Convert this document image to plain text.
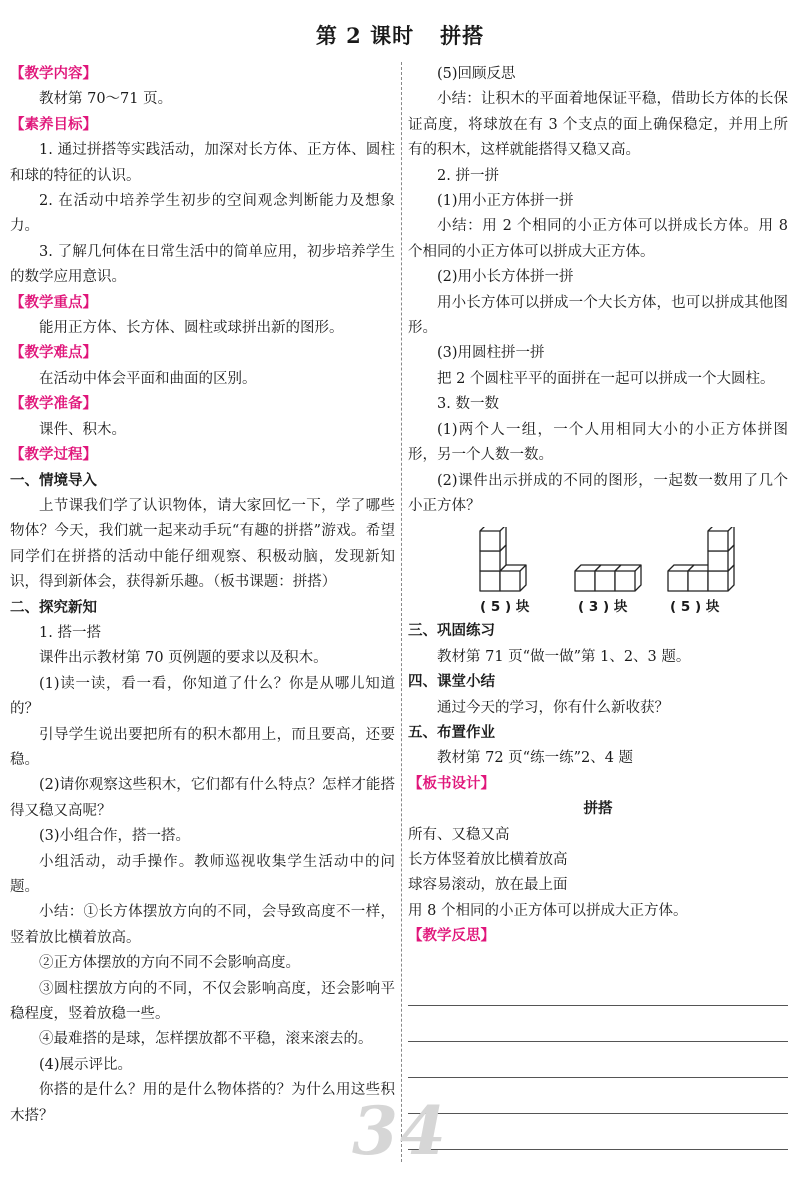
第 2 课时 拼搭
【教学内容】
教材第 70～71 页。
【素养目标】
1. 通过拼搭等实践活动，加深对长方体、正方体、圆柱和球的特征的认识。
2. 在活动中培养学生初步的空间观念判断能力及想象力。
3. 了解几何体在日常生活中的简单应用，初步培养学生的数学应用意识。
【教学重点】
能用正方体、长方体、圆柱或球拼出新的图形。
【教学难点】
在活动中体会平面和曲面的区别。
【教学准备】
课件、积木。
【教学过程】
一、情境导入
上节课我们学了认识物体，请大家回忆一下，学了哪些物体？今天，我们就一起来动手玩“有趣的拼搭”游戏。希望同学们在拼搭的活动中能仔细观察、积极动脑，发现新知识，得到新体会，获得新乐趣。（板书课题：拼搭）
二、探究新知
1. 搭一搭
课件出示教材第 70 页例题的要求以及积木。
(1)读一读，看一看，你知道了什么？你是从哪儿知道的？
引导学生说出要把所有的积木都用上，而且要高，还要稳。
(2)请你观察这些积木，它们都有什么特点？怎样才能搭得又稳又高呢？
(3)小组合作，搭一搭。
小组活动，动手操作。教师巡视收集学生活动中的问题。
小结：①长方体摆放方向的不同，会导致高度不一样，竖着放比横着放高。
②正方体摆放的方向不同不会影响高度。
③圆柱摆放方向的不同，不仅会影响高度，还会影响平稳程度，竖着放稳一些。
④最难搭的是球，怎样摆放都不平稳，滚来滚去的。
(4)展示评比。
你搭的是什么？用的是什么物体搭的？为什么用这些积木搭？
(5)回顾反思
小结：让积木的平面着地保证平稳，借助长方体的长保证高度，将球放在有 3 个支点的面上确保稳定，并用上所有的积木，这样就能搭得又稳又高。
2. 拼一拼
(1)用小正方体拼一拼
小结：用 2 个相同的小正方体可以拼成长方体。用 8 个相同的小正方体可以拼成大正方体。
(2)用小长方体拼一拼
用小长方体可以拼成一个大长方体，也可以拼成其他图形。
(3)用圆柱拼一拼
把 2 个圆柱平平的面拼在一起可以拼成一个大圆柱。
3. 数一数
(1)两个人一组，一个人用相同大小的小正方体拼图形，另一个人数一数。
(2)课件出示拼成的不同的图形，一起数一数用了几个小正方体？
( 5 ) 块	( 3 ) 块	( 5 ) 块
三、巩固练习
教材第 71 页“做一做”第 1、2、3 题。
四、课堂小结
通过今天的学习，你有什么新收获？
五、布置作业
教材第 72 页“练一练”2、4 题
【板书设计】
拼搭
所有、又稳又高
长方体竖着放比横着放高
球容易滚动，放在最上面
用 8 个相同的小正方体可以拼成大正方体。
【教学反思】
34
